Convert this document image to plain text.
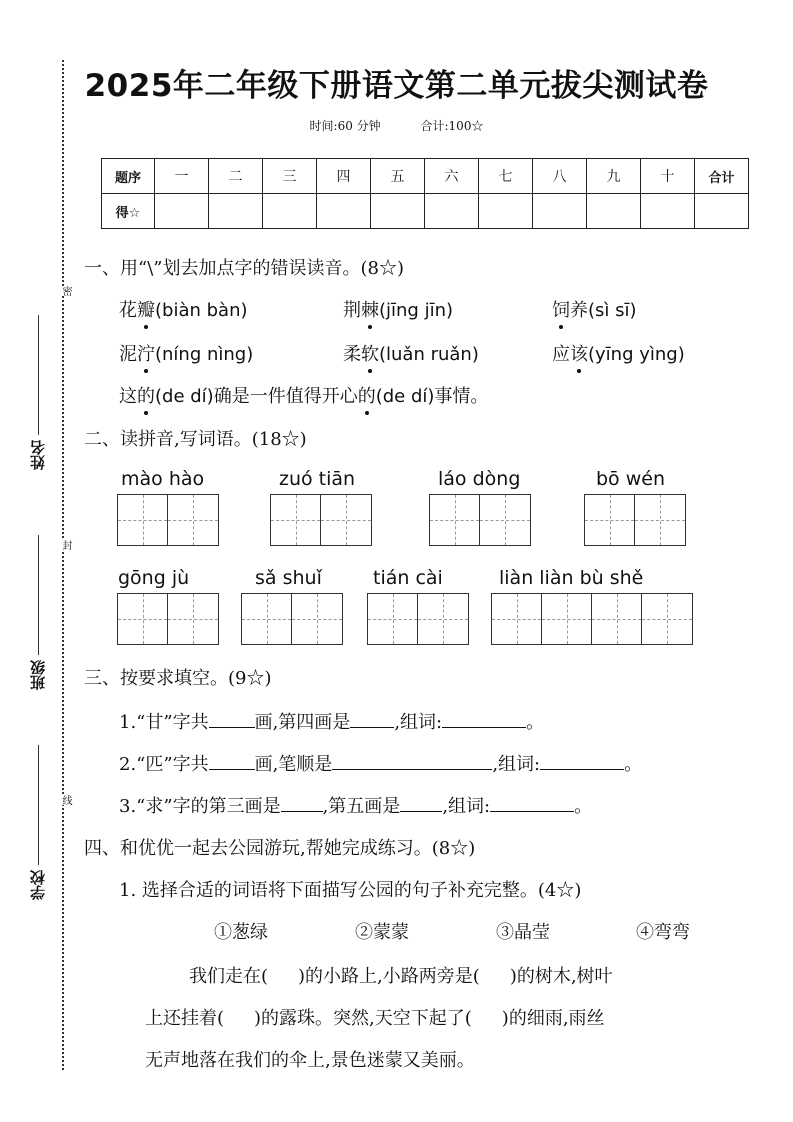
2025年二年级下册语文第二单元拔尖测试卷
时间:60 分钟	合计:100☆
题序	一	二	三	四	五	六	七	八	九	十	合计
得☆											
密
封
线
姓名
班级
学校
一、用“\”划去加点字的错误读音。(8☆)
花瓣(biàn bàn)	荆棘(jīng jīn)	饲养(sì sī)
泥泞(níng nìng)	柔软(luǎn ruǎn)	应该(yīng yìng)
这的(de dí)确是一件值得开心的(de dí)事情。
二、读拼音,写词语。(18☆)
mào hào	zuó tiān	láo dòng	bō wén
gōng jù	sǎ shuǐ	tián cài	liàn liàn bù shě
三、按要求填空。(9☆)
1.“甘”字共	画,第四画是 ,组词:	。
2.“匹”字共	画,笔顺是	,组词:	。
3.“求”字的第三画是 ,第五画是 ,组词:	。
四、和优优一起去公园游玩,帮她完成练习。(8☆)
1. 选择合适的词语将下面描写公园的句子补充完整。(4☆)
①葱绿	②蒙蒙	③晶莹	④弯弯
我们走在( )的小路上,小路两旁是( )的树木,树叶
上还挂着( )的露珠。突然,天空下起了( )的细雨,雨丝
无声地落在我们的伞上,景色迷蒙又美丽。
